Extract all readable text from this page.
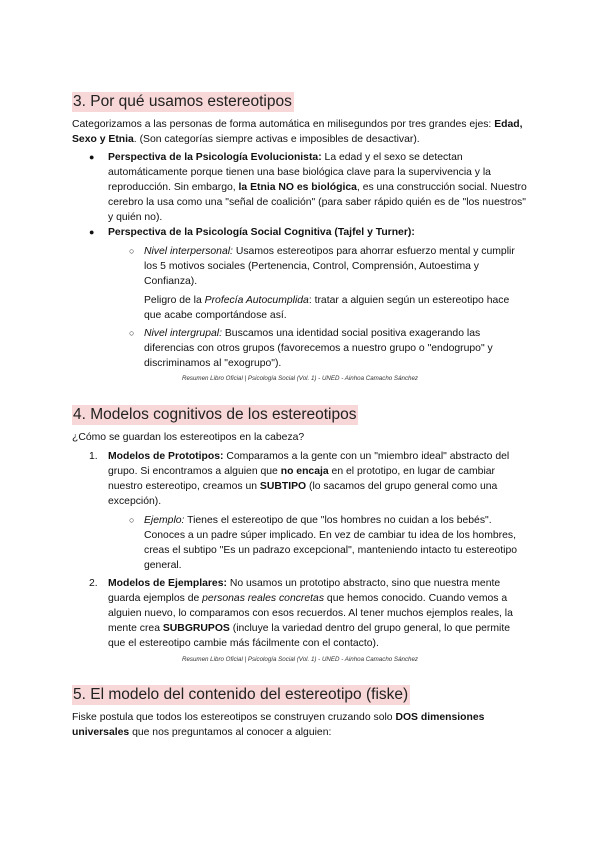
3. Por qué usamos estereotipos

Categorizamos a las personas de forma automática en milisegundos por tres grandes ejes: Edad, Sexo y Etnia. (Son categorías siempre activas e imposibles de desactivar).

● Perspectiva de la Psicología Evolucionista: La edad y el sexo se detectan automáticamente porque tienen una base biológica clave para la supervivencia y la reproducción. Sin embargo, la Etnia NO es biológica, es una construcción social. Nuestro cerebro la usa como una "señal de coalición" (para saber rápido quién es de "los nuestros" y quién no).
● Perspectiva de la Psicología Social Cognitiva (Tajfel y Turner):
○ Nivel interpersonal: Usamos estereotipos para ahorrar esfuerzo mental y cumplir los 5 motivos sociales (Pertenencia, Control, Comprensión, Autoestima y Confianza).
Peligro de la Profecía Autocumplida: tratar a alguien según un estereotipo hace que acabe comportándose así.
○ Nivel intergrupal: Buscamos una identidad social positiva exagerando las diferencias con otros grupos (favorecemos a nuestro grupo o "endogrupo" y discriminamos al "exogrupo").
Resumen Libro Oficial | Psicología Social (Vol. 1) - UNED - Ainhoa Camacho Sánchez
4. Modelos cognitivos de los estereotipos

¿Cómo se guardan los estereotipos en la cabeza?

1. Modelos de Prototipos: Comparamos a la gente con un "miembro ideal" abstracto del grupo. Si encontramos a alguien que no encaja en el prototipo, en lugar de cambiar nuestro estereotipo, creamos un SUBTIPO (lo sacamos del grupo general como una excepción).
○ Ejemplo: Tienes el estereotipo de que "los hombres no cuidan a los bebés". Conoces a un padre súper implicado. En vez de cambiar tu idea de los hombres, creas el subtipo "Es un padrazo excepcional", manteniendo intacto tu estereotipo general.
2. Modelos de Ejemplares: No usamos un prototipo abstracto, sino que nuestra mente guarda ejemplos de personas reales concretas que hemos conocido. Cuando vemos a alguien nuevo, lo comparamos con esos recuerdos. Al tener muchos ejemplos reales, la mente crea SUBGRUPOS (incluye la variedad dentro del grupo general, lo que permite que el estereotipo cambie más fácilmente con el contacto).
Resumen Libro Oficial | Psicología Social (Vol. 1) - UNED - Ainhoa Camacho Sánchez
5. El modelo del contenido del estereotipo (fiske)

Fiske postula que todos los estereotipos se construyen cruzando solo DOS dimensiones universales que nos preguntamos al conocer a alguien:
